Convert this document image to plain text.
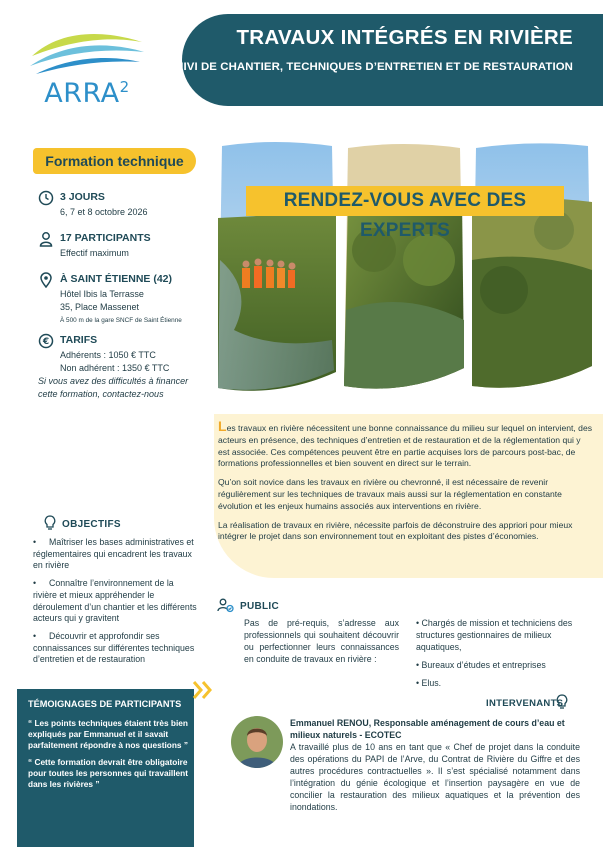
ARRA$^2$
TRAVAUX INTÉGRÉS EN RIVIÈRE
SUIVI DE CHANTIER, TECHNIQUES D’ENTRETIEN ET DE RESTAURATION
Formation technique
3 JOURS
6, 7 et 8 octobre 2026
17 PARTICIPANTS
Effectif maximum
À SAINT ÉTIENNE (42)
Hôtel Ibis la Terrasse
35, Place Massenet
À 500 m de la gare SNCF de Saint Étienne
€ TARIFS
Adhérents : 1050 € TTC
Non adhérent : 1350 € TTC
Si vous avez des difficultés à financer
cette formation, contactez-nous
RENDEZ-VOUS AVEC DES EXPERTS

Les travaux en rivière nécessitent une bonne connaissance du milieu sur lequel on intervient, des acteurs en présence, des techniques d’entretien et de restauration et de la réglementation qui y est associée. Ces compétences peuvent être en partie acquises lors de parcours post-bac, de formations professionnelles et bien souvent en direct sur le terrain.

Qu’on soit novice dans les travaux en rivière ou chevronné, il est nécessaire de revenir régulièrement sur les techniques de travaux mais aussi sur la réglementation en constante évolution et les enjeux humains associés aux interventions en rivière.

La réalisation de travaux en rivière, nécessite parfois de déconstruire des appriori pour mieux intégrer le projet dans son environnement tout en exploitant des pistes d’économies.

OBJECTIFS
• Maîtriser les bases administratives et réglementaires qui encadrent les travaux en rivière
• Connaître l’environnement de la rivière et mieux appréhender le déroulement d’un chantier et les différents acteurs qui y gravitent
• Découvrir et approfondir ses connaissances sur différentes techniques d’entretien et de restauration
PUBLIC
Pas de pré-requis, s’adresse aux professionnels qui souhaitent découvrir ou perfectionner leurs connaissances en conduite de travaux en rivière :
• Chargés de mission et techniciens des structures gestionnaires de milieux aquatiques,
• Bureaux d’études et entreprises
• Elus.
TÉMOIGNAGES DE PARTICIPANTS
“ Les points techniques étaient très bien expliqués par Emmanuel et il savait parfaitement répondre à nos questions ”
“ Cette formation devrait être obligatoire pour toutes les personnes qui travaillent dans les rivières ”
INTERVENANTS
Emmanuel RENOU, Responsable aménagement de cours d’eau et milieux naturels - ECOTEC
A travaillé plus de 10 ans en tant que « Chef de projet dans la conduite des opérations du PAPI de l’Arve, du Contrat de Rivière du Giffre et des autres procédures contractuelles ». Il s’est spécialisé notamment dans l’intégration du génie écologique et l’insertion paysagère en vue de concilier la restauration des milieux aquatiques et la prévention des inondations.
